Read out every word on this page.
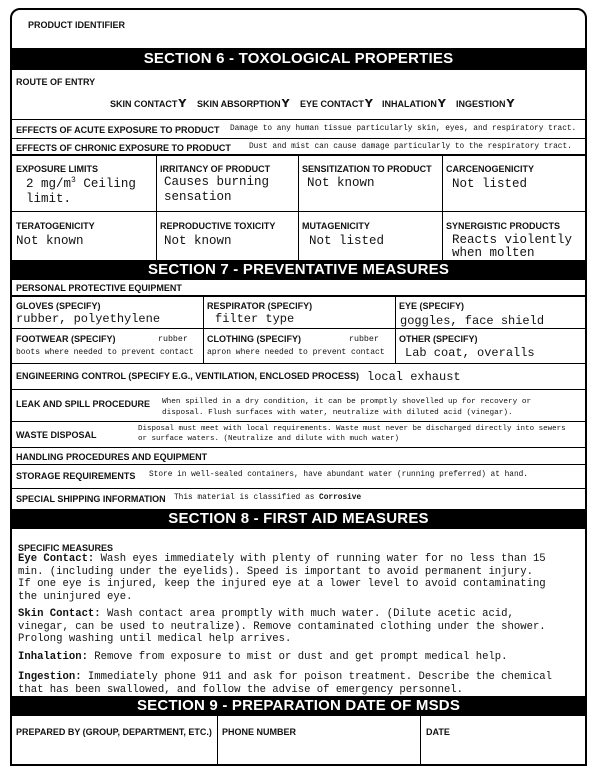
PRODUCT IDENTIFIER
SECTION 6 - TOXOLOGICAL PROPERTIES
ROUTE OF ENTRY
SKIN CONTACTY SKIN ABSORPTIONY EYE CONTACTY INHALATIONY INGESTIONY
EFFECTS OF ACUTE EXPOSURE TO PRODUCT Damage to any human tissue particularly skin, eyes, and respiratory tract.
EFFECTS OF CHRONIC EXPOSURE TO PRODUCT Dust and mist can cause damage particularly to the respiratory tract.
EXPOSURE LIMITS
2 $mg/m^3$ Ceiling
limit.
IRRITANCY OF PRODUCT
Causes burning
sensation
SENSITIZATION TO PRODUCT
Not known
CARCENOGENICITY
Not listed
TERATOGENICITY
Not known
REPRODUCTIVE TOXICITY
Not known
MUTAGENICITY
Not listed
SYNERGISTIC PRODUCTS
Reacts violently
when molten
SECTION 7 - PREVENTATIVE MEASURES
PERSONAL PROTECTIVE EQUIPMENT
GLOVES (SPECIFY)
rubber, polyethylene
RESPIRATOR (SPECIFY)
filter type
EYE (SPECIFY)
goggles, face shield
FOOTWEAR (SPECIFY)	rubber
boots where needed to prevent contact
CLOTHING (SPECIFY)	rubber
apron where needed to prevent contact
OTHER (SPECIFY)
Lab coat, overalls
ENGINEERING CONTROL (SPECIFY E.G., VENTILATION, ENCLOSED PROCESS) local exhaust
LEAK AND SPILL PROCEDURE When spilled in a dry condition, it can be promptly shovelled up for recovery or
disposal. Flush surfaces with water, neutralize with diluted acid (vinegar).
WASTE DISPOSAL
Disposal must meet with local requirements. Waste must never be discharged directly into sewers
or surface waters. (Neutralize and dilute with much water)
HANDLING PROCEDURES AND EQUIPMENT
STORAGE REQUIREMENTS Store in well-sealed containers, have abundant water (running preferred) at hand.
SPECIAL SHIPPING INFORMATION This material is classified as Corrosive
SECTION 8 - FIRST AID MEASURES
SPECIFIC MEASURES
Eye Contact: Wash eyes immediately with plenty of running water for no less than 15
min. (including under the eyelids). Speed is important to avoid permanent injury.
If one eye is injured, keep the injured eye at a lower level to avoid contaminating
the uninjured eye.
Skin Contact: Wash contact area promptly with much water. (Dilute acetic acid,
vinegar, can be used to neutralize). Remove contaminated clothing under the shower.
Prolong washing until medical help arrives.
Inhalation: Remove from exposure to mist or dust and get prompt medical help.
Ingestion: Immediately phone 911 and ask for poison treatment. Describe the chemical
that has been swallowed, and follow the advise of emergency personnel.
SECTION 9 - PREPARATION DATE OF MSDS
PREPARED BY (GROUP, DEPARTMENT, ETC.) PHONE NUMBER	DATE
